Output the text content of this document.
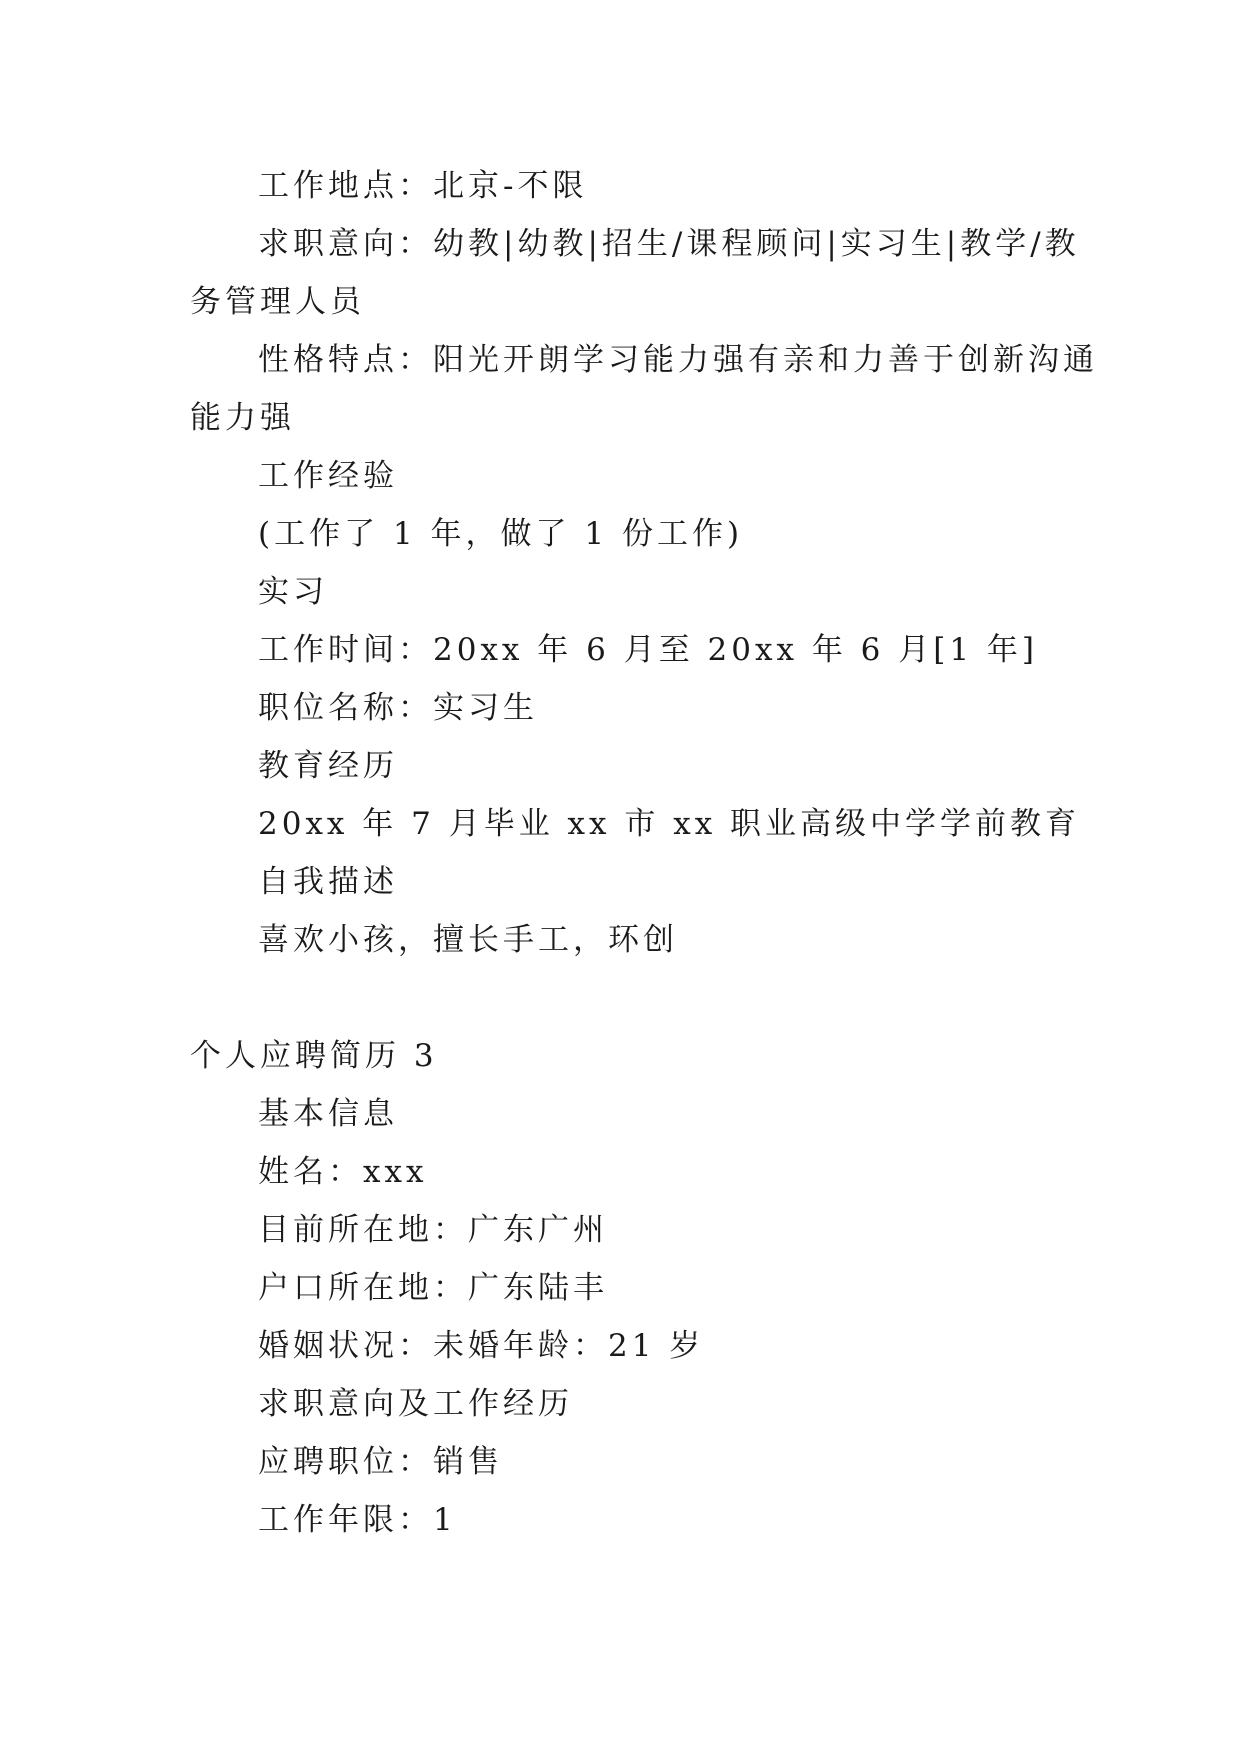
工作地点：北京-不限
求职意向：幼教|幼教|招生/课程顾问|实习生|教学/教
务管理人员
性格特点：阳光开朗学习能力强有亲和力善于创新沟通
能力强
工作经验
(工作了 1 年，做了 1 份工作)
实习
工作时间：20xx 年 6 月至 20xx 年 6 月[1 年]
职位名称：实习生
教育经历
20xx 年 7 月毕业 xx 市 xx 职业高级中学学前教育
自我描述
喜欢小孩，擅长手工，环创
个人应聘简历 3
基本信息
姓名：xxx
目前所在地：广东广州
户口所在地：广东陆丰
婚姻状况：未婚年龄：21 岁
求职意向及工作经历
应聘职位：销售
工作年限：1
